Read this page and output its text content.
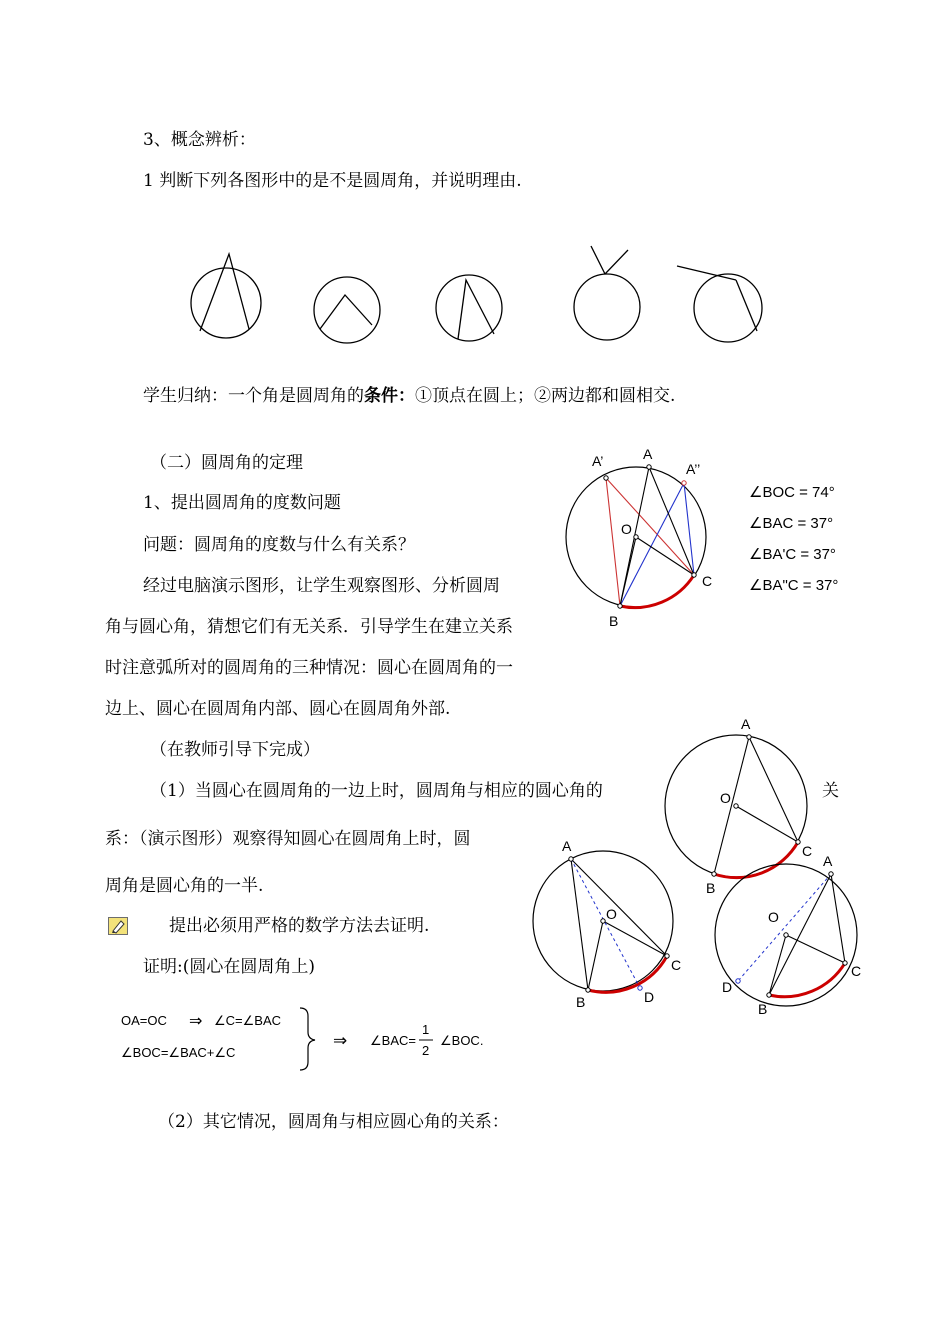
3、概念辨析：
1 判断下列各图形中的是不是圆周角，并说明理由.
学生归纳：一个角是圆周角的条件：①顶点在圆上；②两边都和圆相交.
（二）圆周角的定理
1、提出圆周角的度数问题
问题：圆周角的度数与什么有关系？
经过电脑演示图形，让学生观察图形、分析圆周
角与圆心角，猜想它们有无关系．引导学生在建立关系
时注意弧所对的圆周角的三种情况：圆心在圆周角的一
边上、圆心在圆周角内部、圆心在圆周角外部.
（在教师引导下完成）
A’	A
A’’
O
B
C
∠BOC = 74°
∠BAC = 37°
∠BA'C = 37°
∠BA"C = 37°
（1）当圆心在圆周角的一边上时，圆周角与相应的圆心角的	关
系：（演示图形）观察得知圆心在圆周角上时，圆
周角是圆心角的一半.
A
O
B
C
A
O
B
C
D
A
O
B
C
D
提出必须用严格的数学方法去证明.
证明:(圆心在圆周角上)
OA=OC ⇒ ∠C=∠BAC
∠BOC=∠BAC+∠C
⇒ ∠BAC=
1
2
∠BOC.
（2）其它情况，圆周角与相应圆心角的关系：
